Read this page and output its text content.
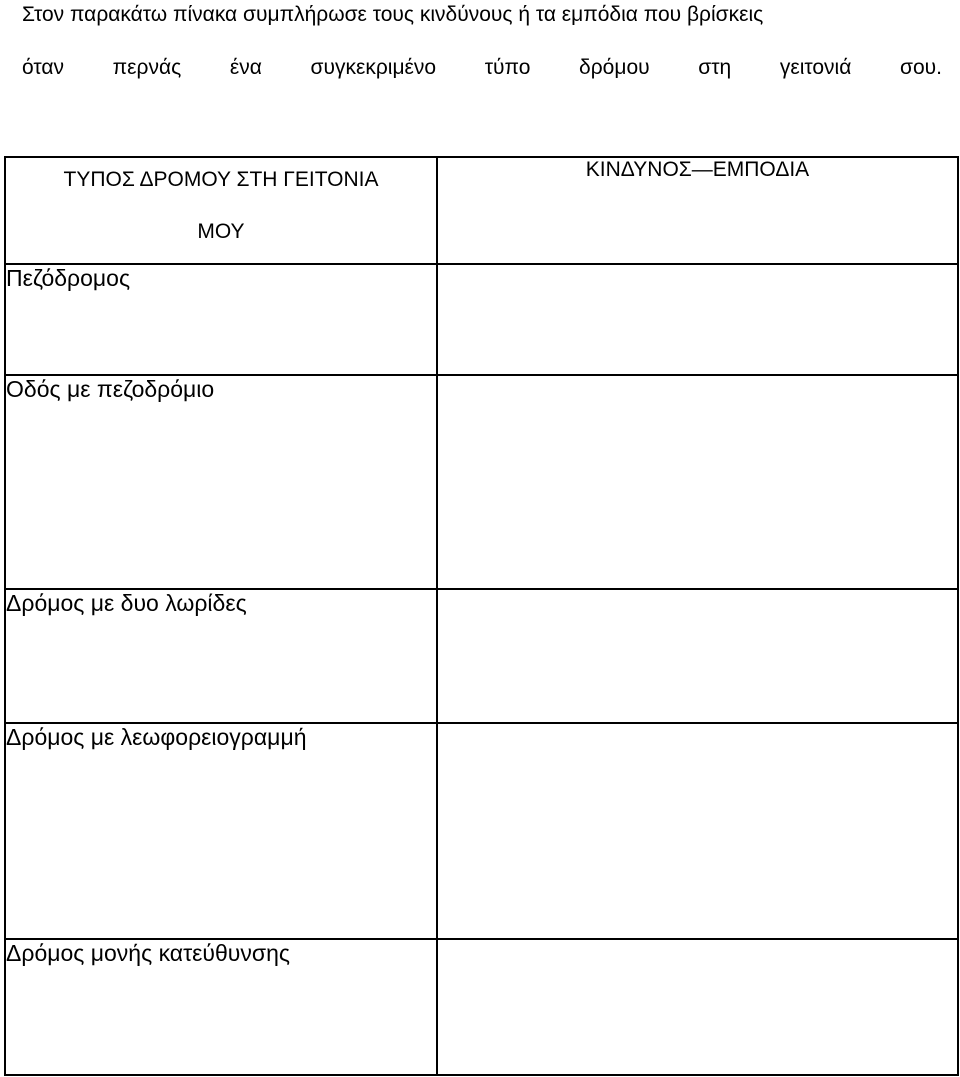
Στον παρακάτω πίνακα συμπλήρωσε τους κινδύνους ή τα εμπόδια που βρίσκεις
όταν περνάς ένα συγκεκριμένο τύπο δρόμου στη γειτονιά σου.
ΤΥΠΟΣ ΔΡΟΜΟΥ ΣΤΗ ΓΕΙΤΟΝΙΑ
ΜΟΥ	ΚΙΝΔΥΝΟΣ—ΕΜΠΟΔΙΑ
Πεζόδρομος	
Οδός με πεζοδρόμιο	
Δρόμος με δυο λωρίδες	
Δρόμος με λεωφορειογραμμή	
Δρόμος μονής κατεύθυνσης	
